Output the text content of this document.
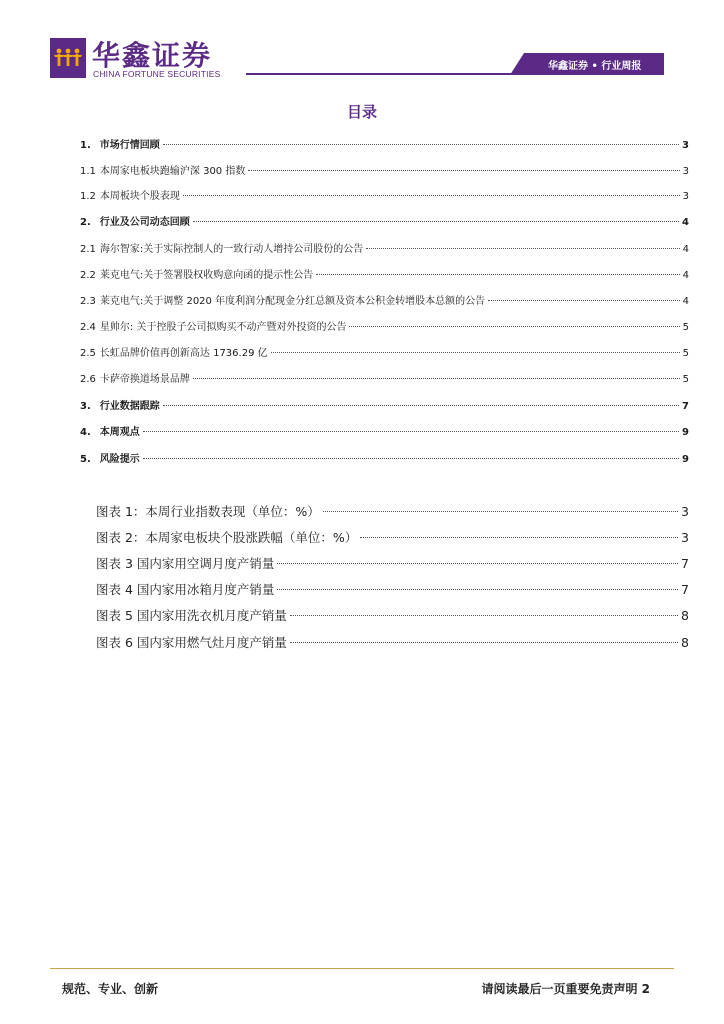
华鑫证券
CHINA FORTUNE SECURITIES
华鑫证券 • 行业周报
目录
1. 市场行情回顾	3
1.1 本周家电板块跑输沪深 300 指数	3
1.2 本周板块个股表现	3
2. 行业及公司动态回顾	4
2.1 海尔智家:关于实际控制人的一致行动人增持公司股份的公告	4
2.2 莱克电气:关于签署股权收购意向函的提示性公告	4
2.3 莱克电气:关于调整 2020 年度利润分配现金分红总额及资本公积金转增股本总额的公告	4
2.4 星帅尔: 关于控股子公司拟购买不动产暨对外投资的公告	5
2.5 长虹品牌价值再创新高达 1736.29 亿	5
2.6 卡萨帝换道场景品牌	5
3. 行业数据跟踪	7
4. 本周观点	9
5. 风险提示	9
图表 1：本周行业指数表现（单位：%）	3
图表 2：本周家电板块个股涨跌幅（单位：%）	3
图表 3 国内家用空调月度产销量	7
图表 4 国内家用冰箱月度产销量	7
图表 5 国内家用洗衣机月度产销量	8
图表 6 国内家用燃气灶月度产销量	8
规范、专业、创新	请阅读最后一页重要免责声明 2
